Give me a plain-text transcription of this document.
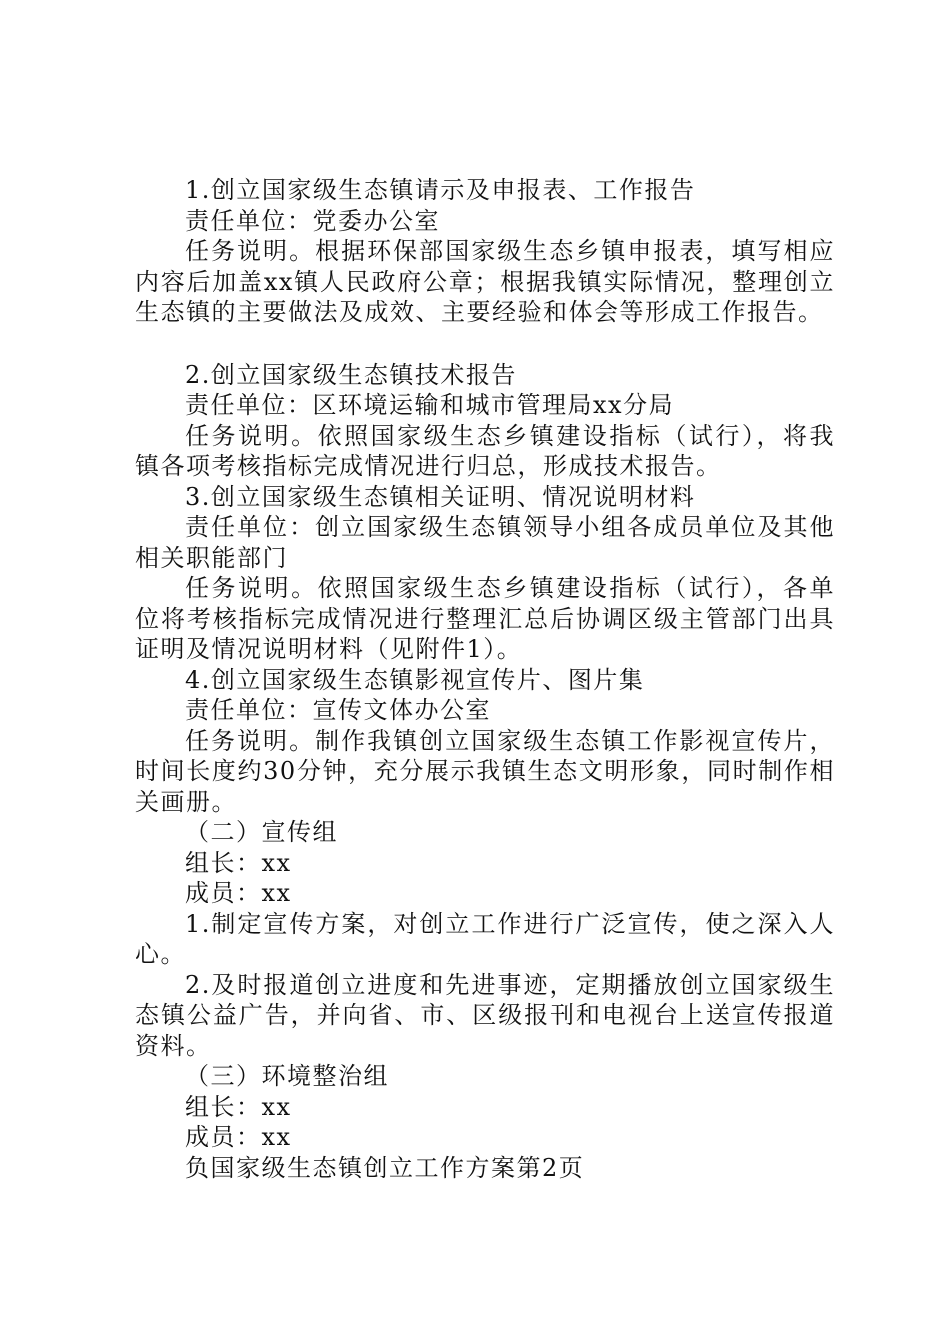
1.创立国家级生态镇请示及申报表、工作报告

责任单位：党委办公室

任务说明。根据环保部国家级生态乡镇申报表，填写相应内容后加盖xx镇人民政府公章；根据我镇实际情况，整理创立生态镇的主要做法及成效、主要经验和体会等形成工作报告。

2.创立国家级生态镇技术报告

责任单位：区环境运输和城市管理局xx分局

任务说明。依照国家级生态乡镇建设指标（试行），将我镇各项考核指标完成情况进行归总，形成技术报告。

3.创立国家级生态镇相关证明、情况说明材料

责任单位：创立国家级生态镇领导小组各成员单位及其他相关职能部门

任务说明。依照国家级生态乡镇建设指标（试行），各单位将考核指标完成情况进行整理汇总后协调区级主管部门出具证明及情况说明材料（见附件1）。

4.创立国家级生态镇影视宣传片、图片集

责任单位：宣传文体办公室

任务说明。制作我镇创立国家级生态镇工作影视宣传片，时间长度约30分钟，充分展示我镇生态文明形象，同时制作相关画册。

（二）宣传组

组长：xx

成员：xx

1.制定宣传方案，对创立工作进行广泛宣传，使之深入人心。

2.及时报道创立进度和先进事迹，定期播放创立国家级生态镇公益广告，并向省、市、区级报刊和电视台上送宣传报道资料。

（三）环境整治组

组长：xx

成员：xx

负国家级生态镇创立工作方案第2页
